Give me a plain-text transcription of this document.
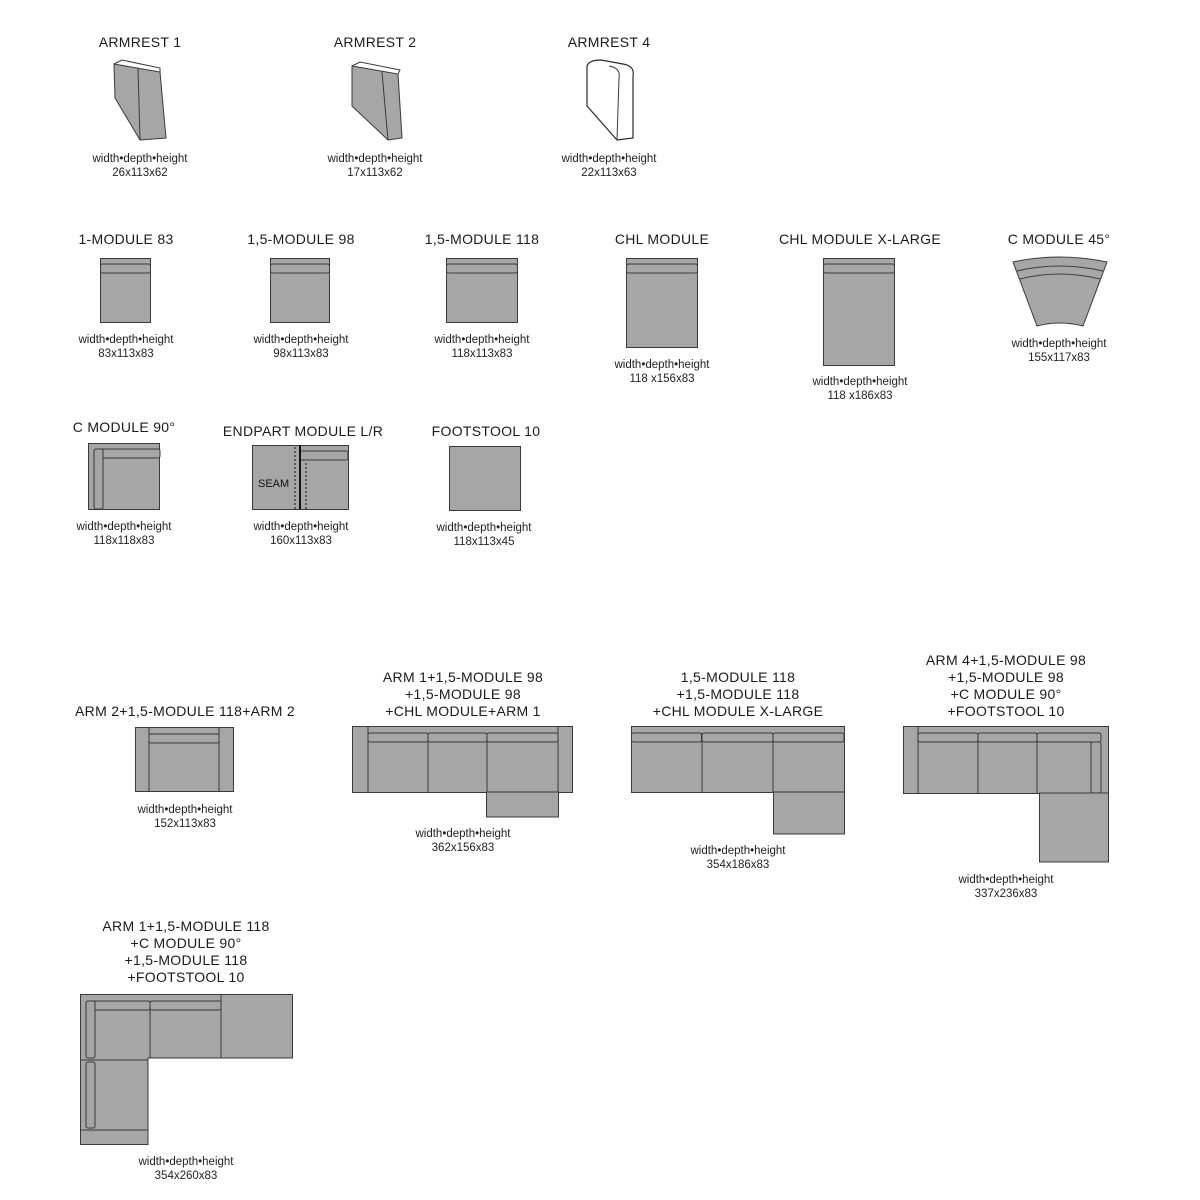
ARMREST 1
width•depth•height
26x113x62
ARMREST 2
width•depth•height
17x113x62
ARMREST 4
width•depth•height
22x113x63
1-MODULE 83
width•depth•height
83x113x83
1,5-MODULE 98
width•depth•height
98x113x83
1,5-MODULE 118
width•depth•height
118x113x83
CHL MODULE
width•depth•height
118 x156x83
CHL MODULE X-LARGE
width•depth•height
118 x186x83
C MODULE 45°
width•depth•height
155x117x83
C MODULE 90°
width•depth•height
118x118x83
ENDPART MODULE L/R
SEAM
width•depth•height
160x113x83
FOOTSTOOL 10
width•depth•height
118x113x45
ARM 2+1,5-MODULE 118+ARM 2
width•depth•height
152x113x83
ARM 1+1,5-MODULE 98
+1,5-MODULE 98
+CHL MODULE+ARM 1
width•depth•height
362x156x83
1,5-MODULE 118
+1,5-MODULE 118
+CHL MODULE X-LARGE
width•depth•height
354x186x83
ARM 4+1,5-MODULE 98
+1,5-MODULE 98
+C MODULE 90°
+FOOTSTOOL 10
width•depth•height
337x236x83
ARM 1+1,5-MODULE 118
+C MODULE 90°
+1,5-MODULE 118
+FOOTSTOOL 10
width•depth•height
354x260x83
